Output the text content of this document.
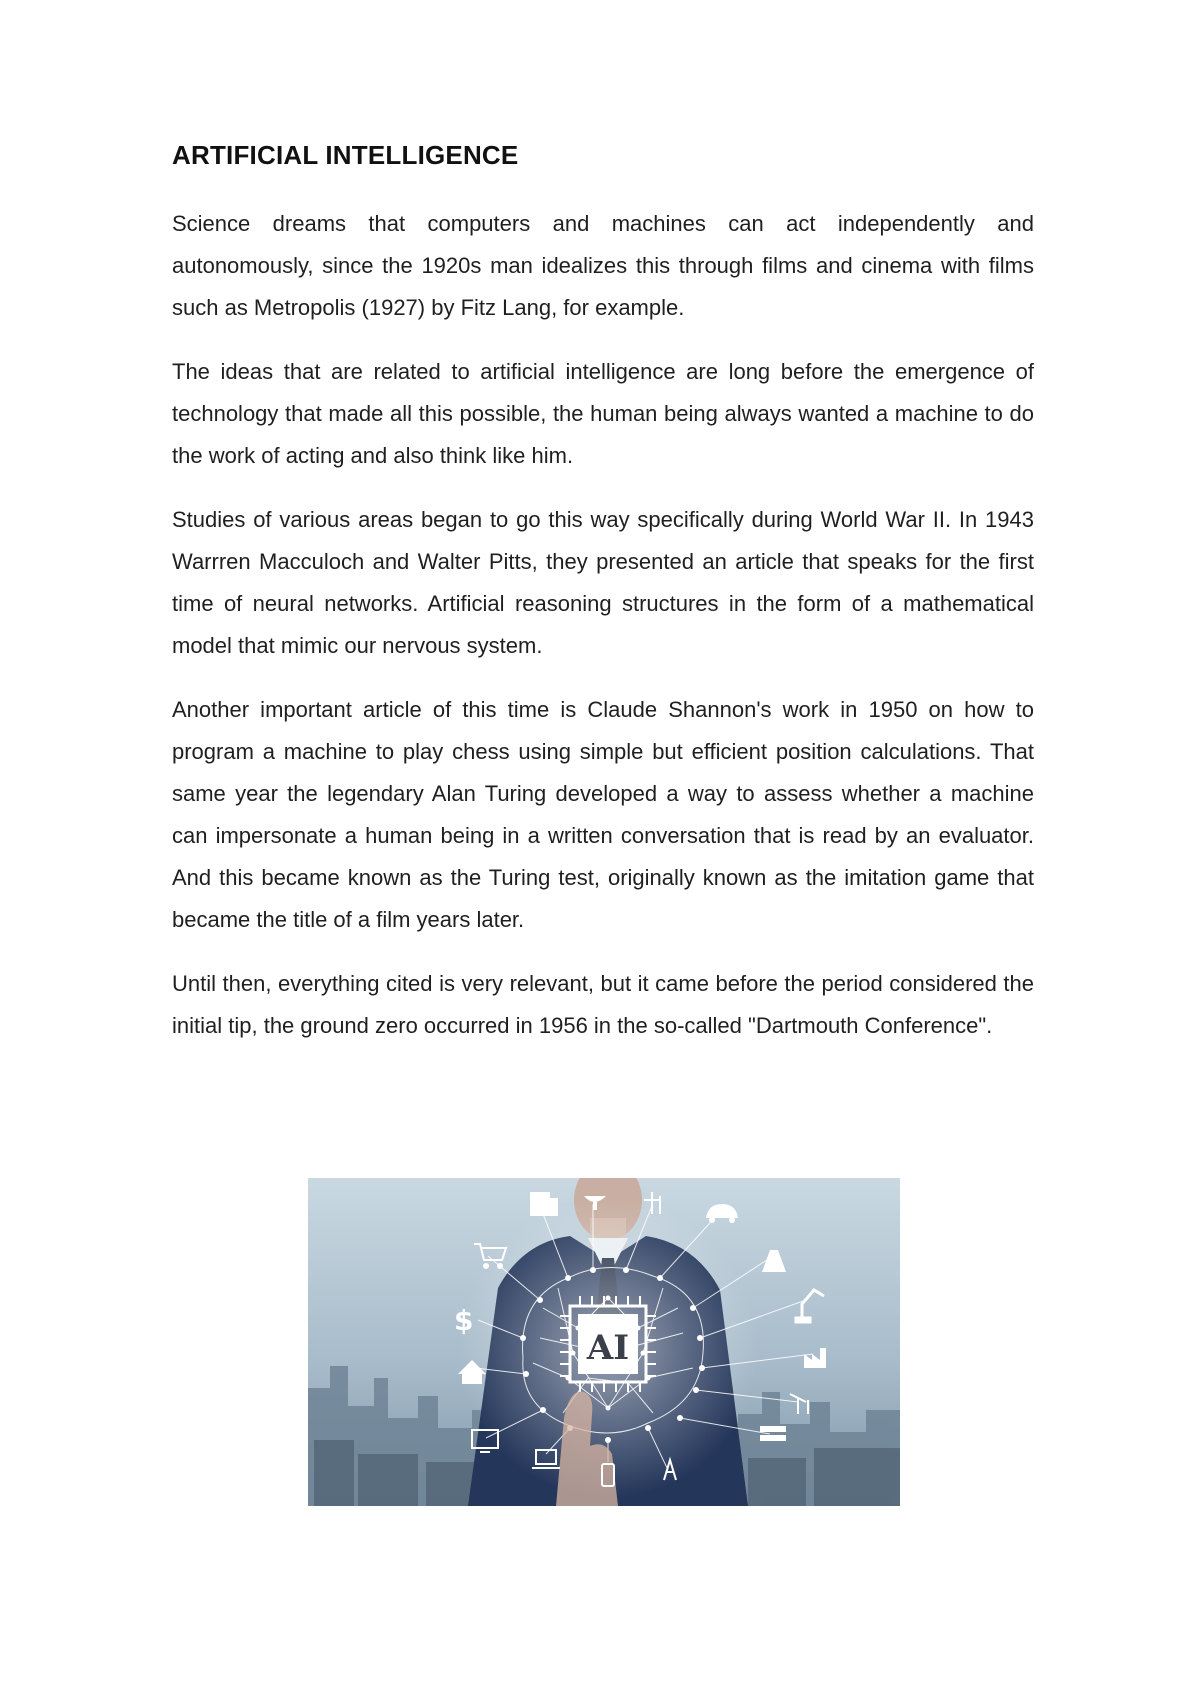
ARTIFICIAL INTELLIGENCE

Science dreams that computers and machines can act independently and autonomously, since the 1920s man idealizes this through films and cinema with films such as Metropolis (1927) by Fitz Lang, for example.

The ideas that are related to artificial intelligence are long before the emergence of technology that made all this possible, the human being always wanted a machine to do the work of acting and also think like him.

Studies of various areas began to go this way specifically during World War II. In 1943 Warrren Macculoch and Walter Pitts, they presented an article that speaks for the first time of neural networks. Artificial reasoning structures in the form of a mathematical model that mimic our nervous system.

Another important article of this time is Claude Shannon's work in 1950 on how to program a machine to play chess using simple but efficient position calculations. That same year the legendary Alan Turing developed a way to assess whether a machine can impersonate a human being in a written conversation that is read by an evaluator. And this became known as the Turing test, originally known as the imitation game that became the title of a film years later.

Until then, everything cited is very relevant, but it came before the period considered the initial tip, the ground zero occurred in 1956 in the so-called "Dartmouth Conference".

AI
$
